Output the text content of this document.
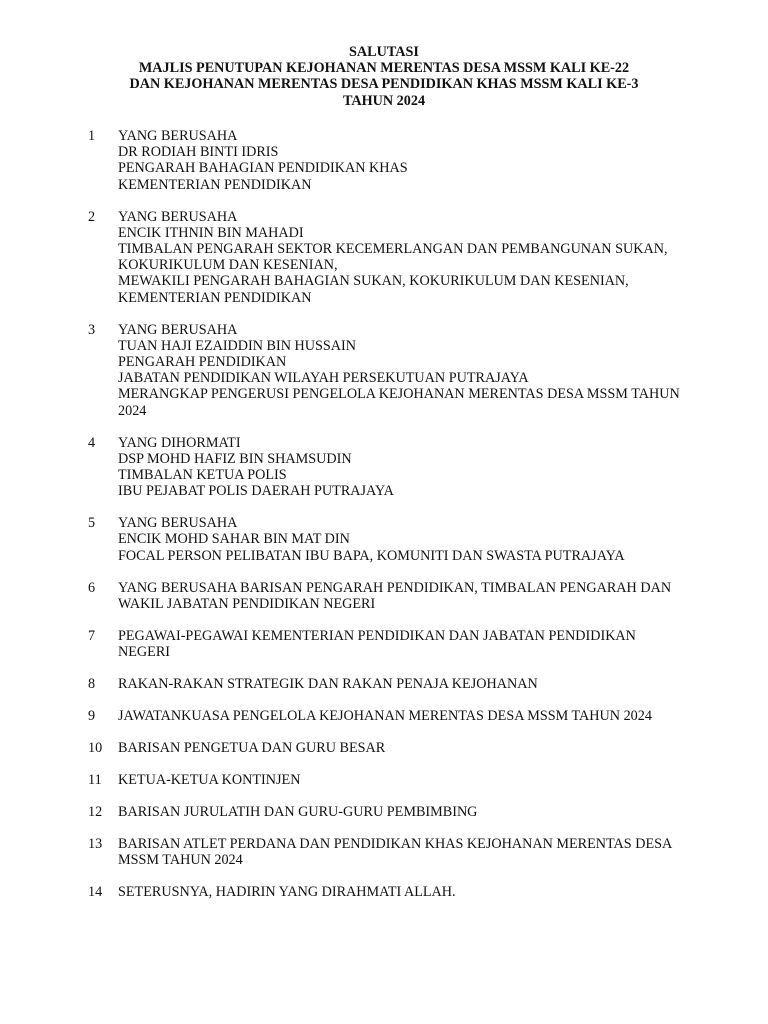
SALUTASI
MAJLIS PENUTUPAN KEJOHANAN MERENTAS DESA MSSM KALI KE-22
DAN KEJOHANAN MERENTAS DESA PENDIDIKAN KHAS MSSM KALI KE-3
TAHUN 2024
1 YANG BERUSAHA
DR RODIAH BINTI IDRIS
PENGARAH BAHAGIAN PENDIDIKAN KHAS
KEMENTERIAN PENDIDIKAN
2 YANG BERUSAHA
ENCIK ITHNIN BIN MAHADI
TIMBALAN PENGARAH SEKTOR KECEMERLANGAN DAN PEMBANGUNAN SUKAN,
KOKURIKULUM DAN KESENIAN,
MEWAKILI PENGARAH BAHAGIAN SUKAN, KOKURIKULUM DAN KESENIAN,
KEMENTERIAN PENDIDIKAN
3 YANG BERUSAHA
TUAN HAJI EZAIDDIN BIN HUSSAIN
PENGARAH PENDIDIKAN
JABATAN PENDIDIKAN WILAYAH PERSEKUTUAN PUTRAJAYA
MERANGKAP PENGERUSI PENGELOLA KEJOHANAN MERENTAS DESA MSSM TAHUN
2024
4 YANG DIHORMATI
DSP MOHD HAFIZ BIN SHAMSUDIN
TIMBALAN KETUA POLIS
IBU PEJABAT POLIS DAERAH PUTRAJAYA
5 YANG BERUSAHA
ENCIK MOHD SAHAR BIN MAT DIN
FOCAL PERSON PELIBATAN IBU BAPA, KOMUNITI DAN SWASTA PUTRAJAYA
6 YANG BERUSAHA BARISAN PENGARAH PENDIDIKAN, TIMBALAN PENGARAH DAN
WAKIL JABATAN PENDIDIKAN NEGERI
7 PEGAWAI-PEGAWAI KEMENTERIAN PENDIDIKAN DAN JABATAN PENDIDIKAN
NEGERI
8 RAKAN-RAKAN STRATEGIK DAN RAKAN PENAJA KEJOHANAN
9 JAWATANKUASA PENGELOLA KEJOHANAN MERENTAS DESA MSSM TAHUN 2024
10 BARISAN PENGETUA DAN GURU BESAR
11 KETUA-KETUA KONTINJEN
12 BARISAN JURULATIH DAN GURU-GURU PEMBIMBING
13 BARISAN ATLET PERDANA DAN PENDIDIKAN KHAS KEJOHANAN MERENTAS DESA
MSSM TAHUN 2024
14 SETERUSNYA, HADIRIN YANG DIRAHMATI ALLAH.
